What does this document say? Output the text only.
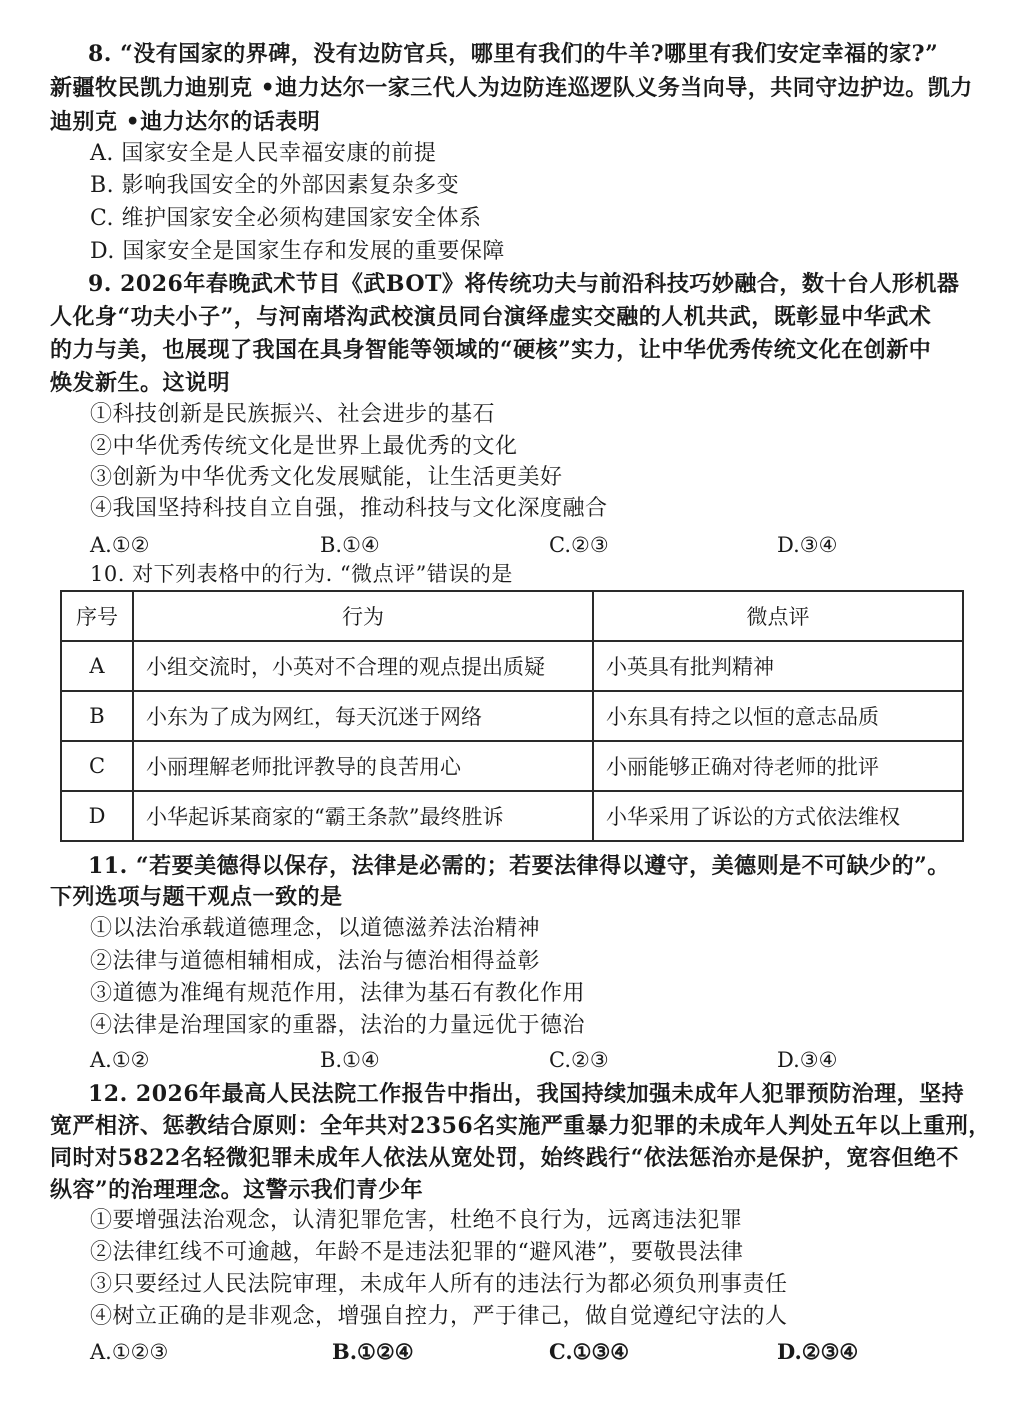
8. “没有国家的界碑，没有边防官兵，哪里有我们的牛羊?哪里有我们安定幸福的家?”
新疆牧民凯力迪别克 •迪力达尔一家三代人为边防连巡逻队义务当向导，共同守边护边。凯力
迪别克 •迪力达尔的话表明
A. 国家安全是人民幸福安康的前提
B. 影响我国安全的外部因素复杂多变
C. 维护国家安全必须构建国家安全体系
D. 国家安全是国家生存和发展的重要保障
9. 2026年春晚武术节目《武BOT》将传统功夫与前沿科技巧妙融合，数十台人形机器
人化身“功夫小子”，与河南塔沟武校演员同台演绎虚实交融的人机共武，既彰显中华武术
的力与美，也展现了我国在具身智能等领域的“硬核”实力，让中华优秀传统文化在创新中
焕发新生。这说明
①科技创新是民族振兴、社会进步的基石
②中华优秀传统文化是世界上最优秀的文化
③创新为中华优秀文化发展赋能，让生活更美好
④我国坚持科技自立自强，推动科技与文化深度融合
A.①②	B.①④	C.②③	D.③④
10. 对下列表格中的行为. “微点评”错误的是
序号	行为	微点评
A	小组交流时，小英对不合理的观点提出质疑	小英具有批判精神
B	小东为了成为网红，每天沉迷于网络	小东具有持之以恒的意志品质
C	小丽理解老师批评教导的良苦用心	小丽能够正确对待老师的批评
D	小华起诉某商家的“霸王条款”最终胜诉	小华采用了诉讼的方式依法维权
11. “若要美德得以保存，法律是必需的；若要法律得以遵守，美德则是不可缺少的”。
下列选项与题干观点一致的是
①以法治承载道德理念，以道德滋养法治精神
②法律与道德相辅相成，法治与德治相得益彰
③道德为准绳有规范作用，法律为基石有教化作用
④法律是治理国家的重器，法治的力量远优于德治
A.①②	B.①④	C.②③	D.③④
12. 2026年最高人民法院工作报告中指出，我国持续加强未成年人犯罪预防治理，坚持
宽严相济、惩教结合原则：全年共对2356名实施严重暴力犯罪的未成年人判处五年以上重刑，
同时对5822名轻微犯罪未成年人依法从宽处罚，始终践行“依法惩治亦是保护，宽容但绝不
纵容”的治理理念。这警示我们青少年
①要增强法治观念，认清犯罪危害，杜绝不良行为，远离违法犯罪
②法律红线不可逾越，年龄不是违法犯罪的“避风港”，要敬畏法律
③只要经过人民法院审理，未成年人所有的违法行为都必须负刑事责任
④树立正确的是非观念，增强自控力，严于律己，做自觉遵纪守法的人
A.①②③	B.①②④	C.①③④	D.②③④
